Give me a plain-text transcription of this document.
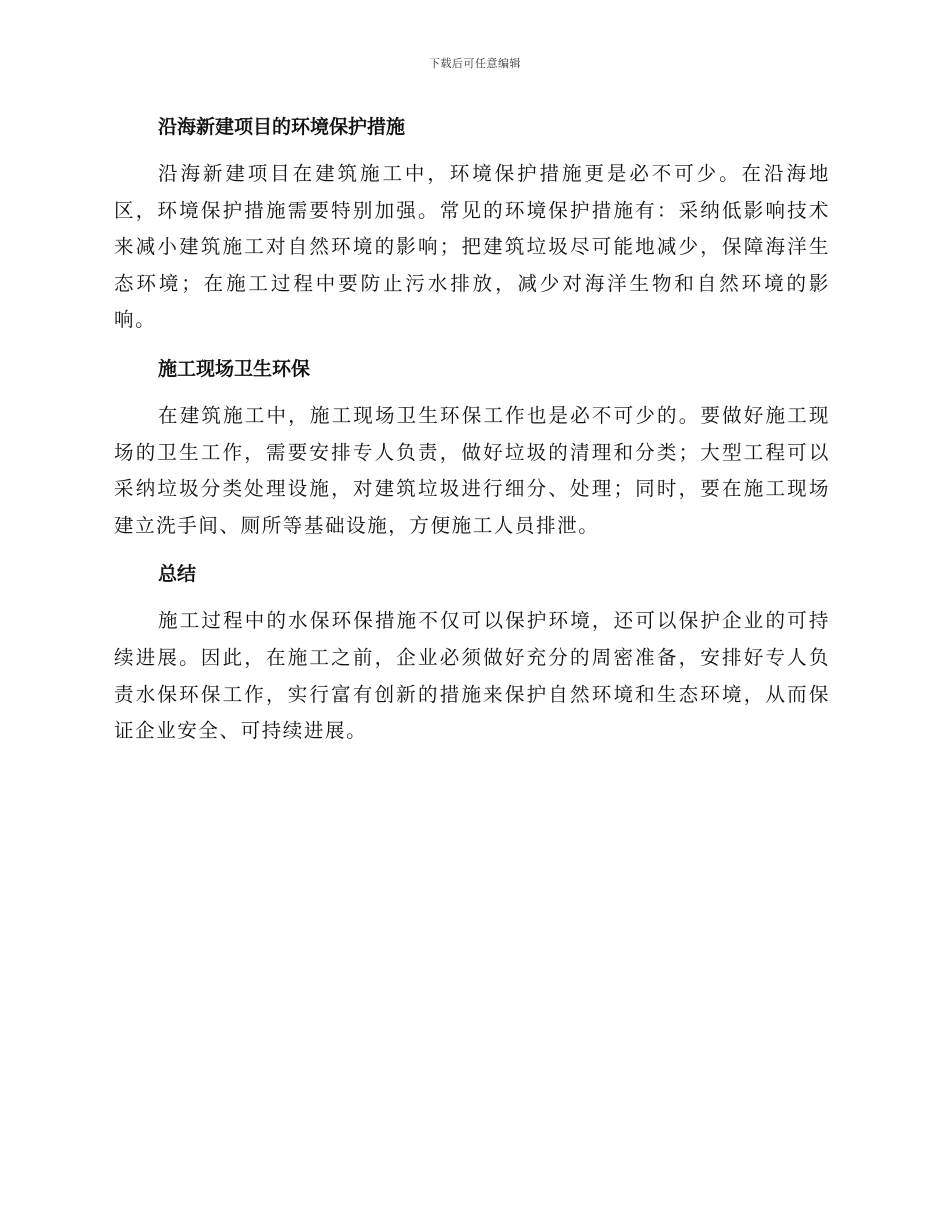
下载后可任意编辑
沿海新建项目的环境保护措施

沿海新建项目在建筑施工中，环境保护措施更是必不可少。在沿海地区，环境保护措施需要特别加强。常见的环境保护措施有：采纳低影响技术来减小建筑施工对自然环境的影响；把建筑垃圾尽可能地减少，保障海洋生态环境；在施工过程中要防止污水排放，减少对海洋生物和自然环境的影响。

施工现场卫生环保

在建筑施工中，施工现场卫生环保工作也是必不可少的。要做好施工现场的卫生工作，需要安排专人负责，做好垃圾的清理和分类；大型工程可以采纳垃圾分类处理设施，对建筑垃圾进行细分、处理；同时，要在施工现场建立洗手间、厕所等基础设施，方便施工人员排泄。

总结

施工过程中的水保环保措施不仅可以保护环境，还可以保护企业的可持续进展。因此，在施工之前，企业必须做好充分的周密准备，安排好专人负责水保环保工作，实行富有创新的措施来保护自然环境和生态环境，从而保证企业安全、可持续进展。
